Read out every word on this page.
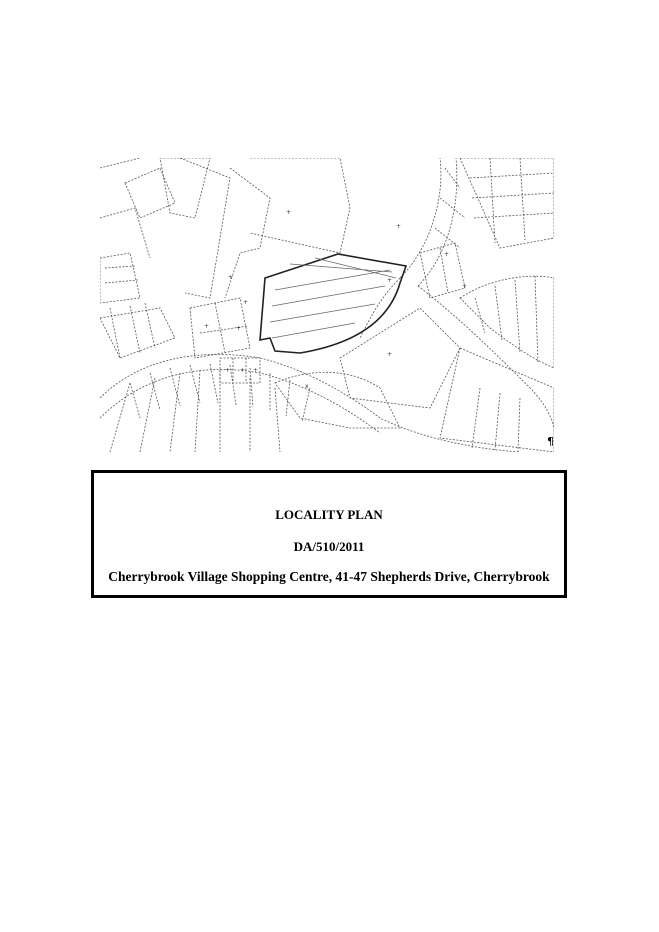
+
+
+
+
+	+
+
+
+
+
x
+ + +
¶
LOCALITY PLAN
DA/510/2011
Cherrybrook Village Shopping Centre, 41-47 Shepherds Drive, Cherrybrook
